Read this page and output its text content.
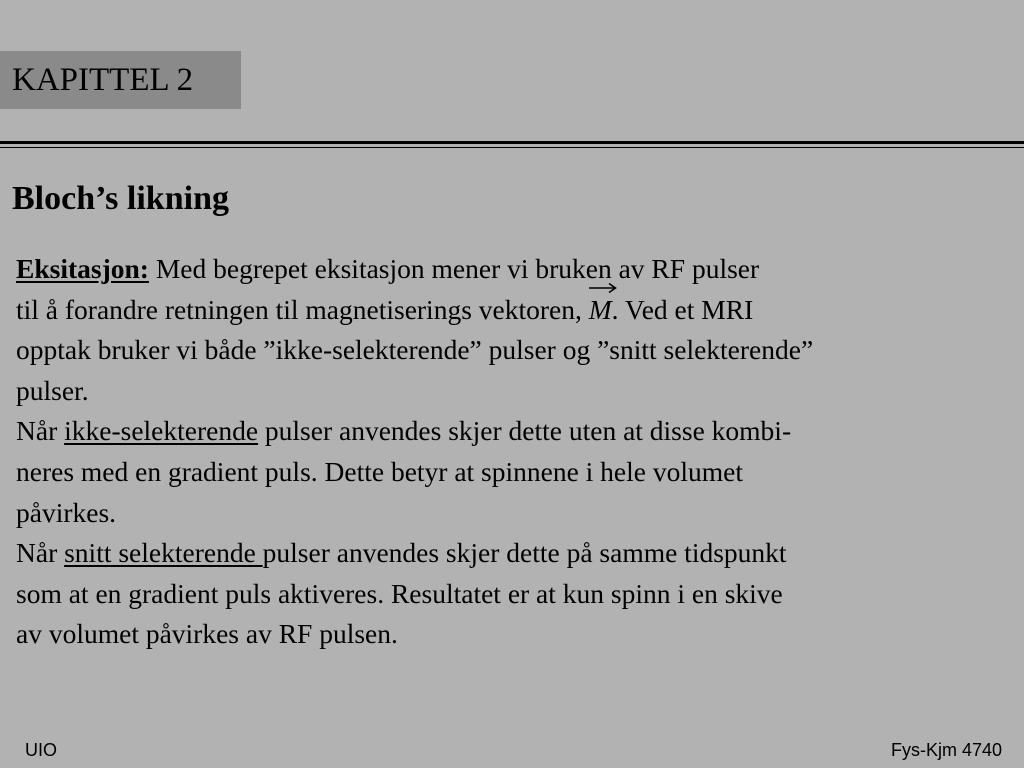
KAPITTEL 2
Bloch’s likning
Eksitasjon: Med begrepet eksitasjon mener vi bruken av RF pulser
til å forandre retningen til magnetiserings vektoren,
M. Ved et MRI
opptak bruker vi både ”ikke-selekterende” pulser og ”snitt selekterende”
pulser.
Når ikke-selekterende pulser anvendes skjer dette uten at disse kombi-
neres med en gradient puls. Dette betyr at spinnene i hele volumet
påvirkes.
Når snitt selekterende pulser anvendes skjer dette på samme tidspunkt
som at en gradient puls aktiveres. Resultatet er at kun spinn i en skive
av volumet påvirkes av RF pulsen.
UIO	Fys-Kjm 4740
